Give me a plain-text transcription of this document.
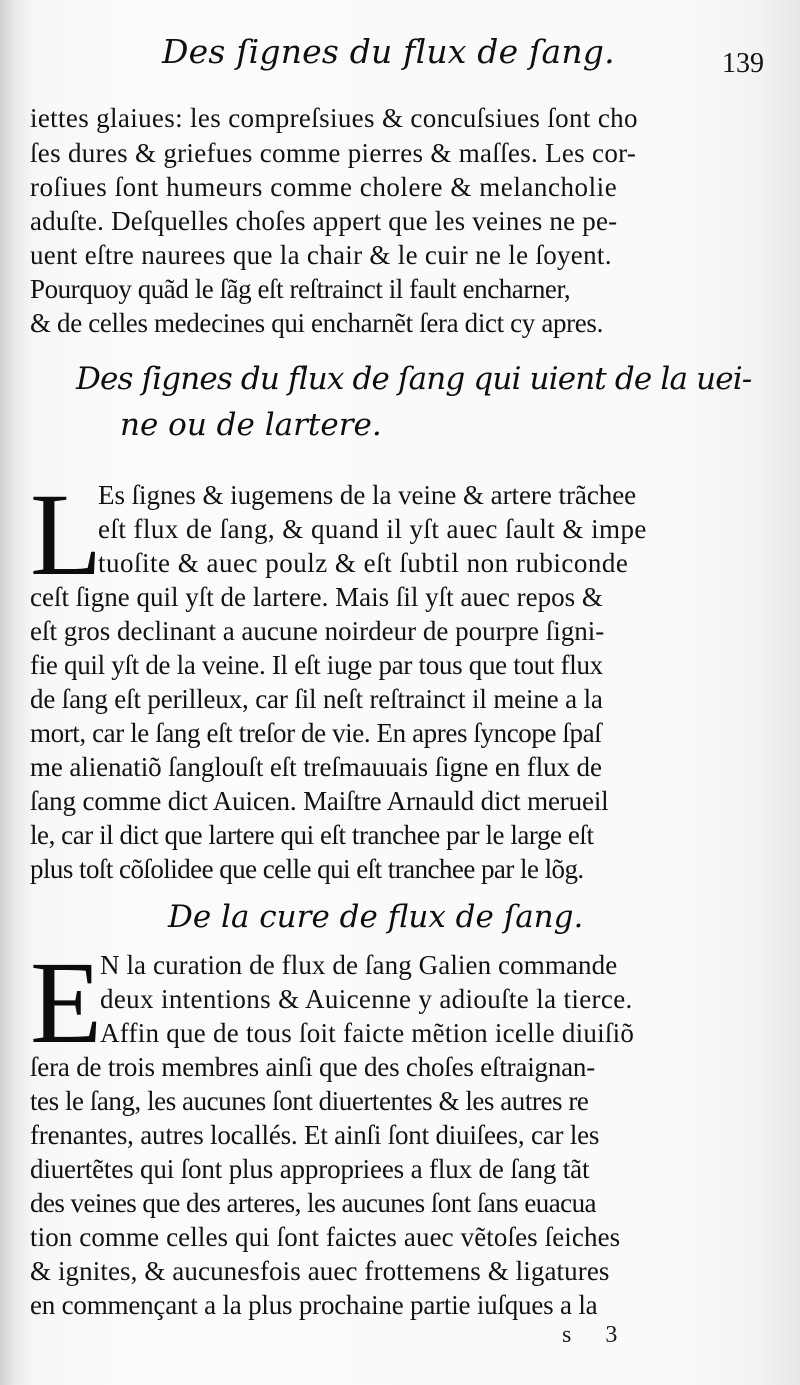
Des ſignes du flux de ſang.	139
iettes glaiues: les compreſsiues & concuſsiues ſont cho
ſes dures & griefues comme pierres & maſſes. Les cor-
roſiues ſont humeurs comme cholere & melancholie
aduſte. Deſquelles choſes appert que les veines ne pe-
uent eſtre naurees que la chair & le cuir ne le ſoyent.
Pourquoy quãd le ſãg eſt reſtrainct il fault encharner,
& de celles medecines qui encharnẽt ſera dict cy apres.
Des ſignes du flux de ſang qui uient de la uei-
ne ou de lartere.
L
Es ſignes & iugemens de la veine & artere trãchee
eſt flux de ſang, & quand il yſt auec ſault & impe
tuoſite & auec poulz & eſt ſubtil non rubiconde
ceſt ſigne quil yſt de lartere. Mais ſil yſt auec repos &
eſt gros declinant a aucune noirdeur de pourpre ſigni-
fie quil yſt de la veine. Il eſt iuge par tous que tout flux
de ſang eſt perilleux, car ſil neſt reſtrainct il meine a la
mort, car le ſang eſt treſor de vie. En apres ſyncope ſpaſ
me alienatiõ ſanglouſt eſt treſmauuais ſigne en flux de
ſang comme dict Auicen. Maiſtre Arnauld dict merueil
le, car il dict que lartere qui eſt tranchee par le large eſt
plus toſt cõſolidee que celle qui eſt tranchee par le lõg.
De la cure de flux de ſang.
E
N la curation de flux de ſang Galien commande
deux intentions & Auicenne y adiouſte la tierce.
Affin que de tous ſoit faicte mẽtion icelle diuiſiõ
ſera de trois membres ainſi que des choſes eſtraignan-
tes le ſang, les aucunes ſont diuertentes & les autres re
frenantes, autres locallés. Et ainſi ſont diuiſees, car les
diuertẽtes qui ſont plus appropriees a flux de ſang tãt
des veines que des arteres, les aucunes ſont ſans euacua
tion comme celles qui ſont faictes auec vẽtoſes ſeiches
& ignites, & aucunesfois auec frottemens & ligatures
en commençant a la plus prochaine partie iuſques a la
s 3
